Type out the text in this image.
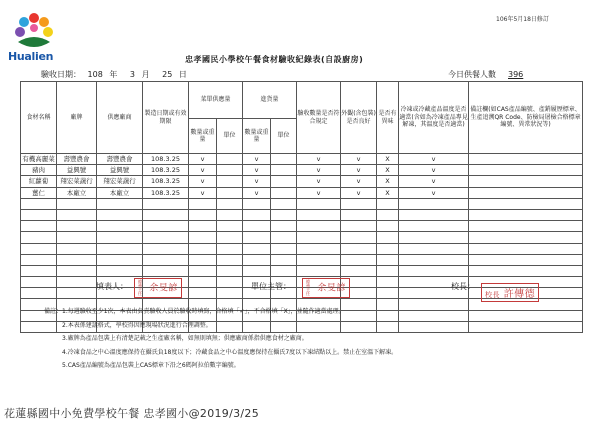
Hualien
106年5月18日修訂
忠孝國民小學校午餐食材驗收紀錄表(自設廚房)
驗收日期： 108 年 3 月 25 日	今日供餐人數 396
食材名稱	廠牌	供應廠商	製造日期或有效期限	菜單供應量		進貨量		驗收數量是否符合規定	外觀(含包裝)是否良好	是否有異味	冷凍或冷藏產品溫度是否適當(含如為冷凍產品專見解凍，其溫度是否適當)	備註欄(如CAS產品編號、產銷履歷標章、生產追溯QR Code、防檢局屠檢合格標章編號、異常狀況等)
				數量或重量	單位	數量或重量	單位					
有機高麗菜	壽豐農會	壽豐農會	108.3.25	v		v		v	v	X	v	
豬肉	益興號	益興號	108.3.25	v		v		v	v	X	v	
紅蘿蔔	翔宏菜蔬行	翔宏菜蔬行	108.3.25	v		v		v	v	X	v	
薑仁	本廠立	本廠立	108.3.25	v		v		v	v	X	v	

填表人：
總務主任 余旻諺	單位主管：
總務主任 余旻諺	校長：
校長 許傳德
備註：1.每週驗收至少1次，本表由負責驗收人員於驗收時填寫，合格填「✓」，不合格填「X」，並隨作適當處理。
2.本表係建議格式，學校得因應現場狀況進行合理調整。
3.廠牌為產品包裝上有清楚記載之生產廠名稱，如無則填無；供應廠商係指供應食材之廠商。
4.冷凍食品之中心溫度應保持在攝氏負18度以下；冷藏食品之中心溫度應保持在攝氏7度以下凍結點以上。禁止在室溫下解凍。
5.CAS產品編號為產品包裝上CAS標章下沿之6碼阿拉伯數字編號。
花蓮縣國中小免費學校午餐 忠孝國小@2019/3/25
